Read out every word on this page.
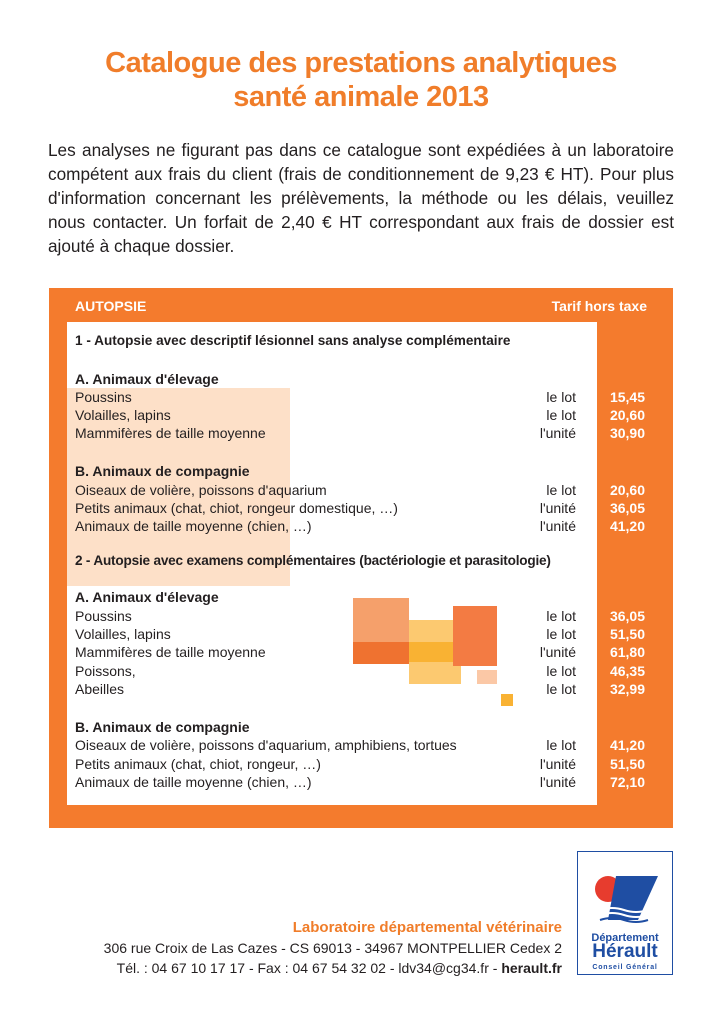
Catalogue des prestations analytiques
santé animale 2013
Les analyses ne figurant pas dans ce catalogue sont expédiées à un laboratoire compétent aux frais du client (frais de conditionnement de 9,23 € HT). Pour plus d'information concernant les prélèvements, la méthode ou les délais, veuillez nous contacter. Un forfait de 2,40 € HT correspondant aux frais de dossier est ajouté à chaque dossier.
AUTOPSIE	Tarif hors taxe
1 - Autopsie avec descriptif lésionnel sans analyse complémentaire
A. Animaux d'élevage
Poussins	le lot 15,45
Volailles, lapins	le lot 20,60
Mammifères de taille moyenne	l'unité 30,90
B. Animaux de compagnie
Oiseaux de volière, poissons d'aquarium	le lot 20,60
Petits animaux (chat, chiot, rongeur domestique, …)	l'unité 36,05
Animaux de taille moyenne (chien, …)	l'unité 41,20
2 - Autopsie avec examens complémentaires (bactériologie et parasitologie)
A. Animaux d'élevage
Poussins	le lot 36,05
Volailles, lapins	le lot 51,50
Mammifères de taille moyenne	l'unité 61,80
Poissons,	le lot 46,35
Abeilles	le lot 32,99
B. Animaux de compagnie
Oiseaux de volière, poissons d'aquarium, amphibiens, tortues	le lot 41,20
Petits animaux (chat, chiot, rongeur, …)	l'unité 51,50
Animaux de taille moyenne (chien, …)	l'unité 72,10
Laboratoire départemental vétérinaire
306 rue Croix de Las Cazes - CS 69013 - 34967 MONTPELLIER Cedex 2
Tél. : 04 67 10 17 17 - Fax : 04 67 54 32 02 - ldv34@cg34.fr - herault.fr
Département
Hérault
Conseil Général
